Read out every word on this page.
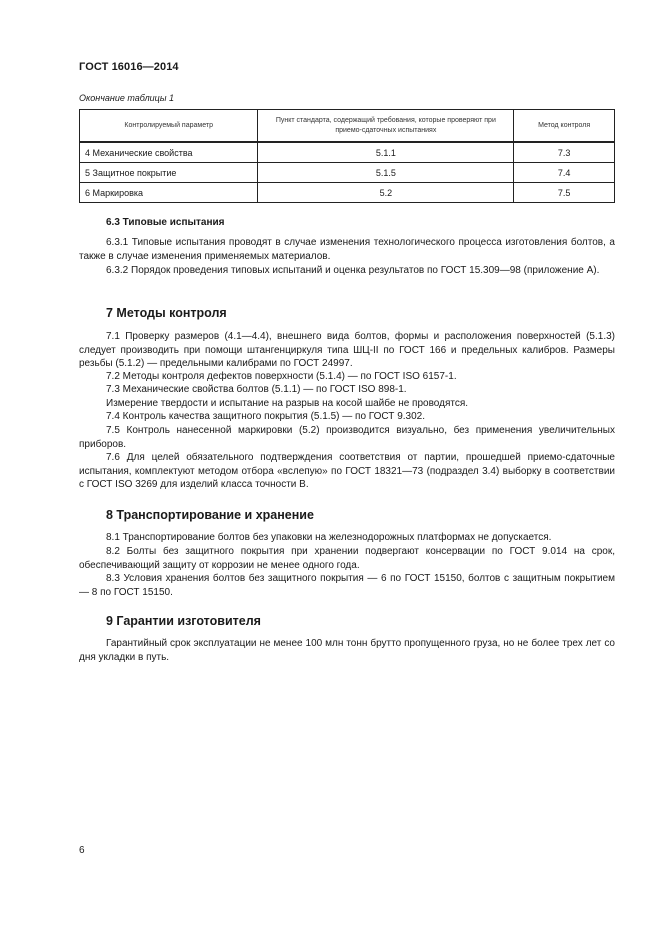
ГОСТ 16016—2014
Окончание таблицы 1
Контролируемый параметр	Пункт стандарта, содержащий требования, которые проверяют при приемо-сдаточных испытаниях	Метод контроля
4 Механические свойства	5.1.1	7.3
5 Защитное покрытие	5.1.5	7.4
6 Маркировка	5.2	7.5
6.3 Типовые испытания

6.3.1 Типовые испытания проводят в случае изменения технологического процесса изготовления болтов, а также в случае изменения применяемых материалов.

6.3.2 Порядок проведения типовых испытаний и оценка результатов по ГОСТ 15.309—98 (приложение А).

7 Методы контроля

7.1 Проверку размеров (4.1—4.4), внешнего вида болтов, формы и расположения поверхностей (5.1.3) следует производить при помощи штангенциркуля типа ШЦ-II по ГОСТ 166 и предельных калибров. Размеры резьбы (5.1.2) — предельными калибрами по ГОСТ 24997.

7.2 Методы контроля дефектов поверхности (5.1.4) — по ГОСТ ISO 6157-1.

7.3 Механические свойства болтов (5.1.1) — по ГОСТ ISO 898-1.

Измерение твердости и испытание на разрыв на косой шайбе не проводятся.

7.4 Контроль качества защитного покрытия (5.1.5) — по ГОСТ 9.302.

7.5 Контроль нанесенной маркировки (5.2) производится визуально, без применения увеличительных приборов.

7.6 Для целей обязательного подтверждения соответствия от партии, прошедшей приемо-сдаточные испытания, комплектуют методом отбора «вслепую» по ГОСТ 18321—73 (подраздел 3.4) выборку в соответствии с ГОСТ ISO 3269 для изделий класса точности В.

8 Транспортирование и хранение

8.1 Транспортирование болтов без упаковки на железнодорожных платформах не допускается.

8.2 Болты без защитного покрытия при хранении подвергают консервации по ГОСТ 9.014 на срок, обеспечивающий защиту от коррозии не менее одного года.

8.3 Условия хранения болтов без защитного покрытия — 6 по ГОСТ 15150, болтов с защитным покрытием — 8 по ГОСТ 15150.

9 Гарантии изготовителя

Гарантийный срок эксплуатации не менее 100 млн тонн брутто пропущенного груза, но не более трех лет со дня укладки в путь.

6
